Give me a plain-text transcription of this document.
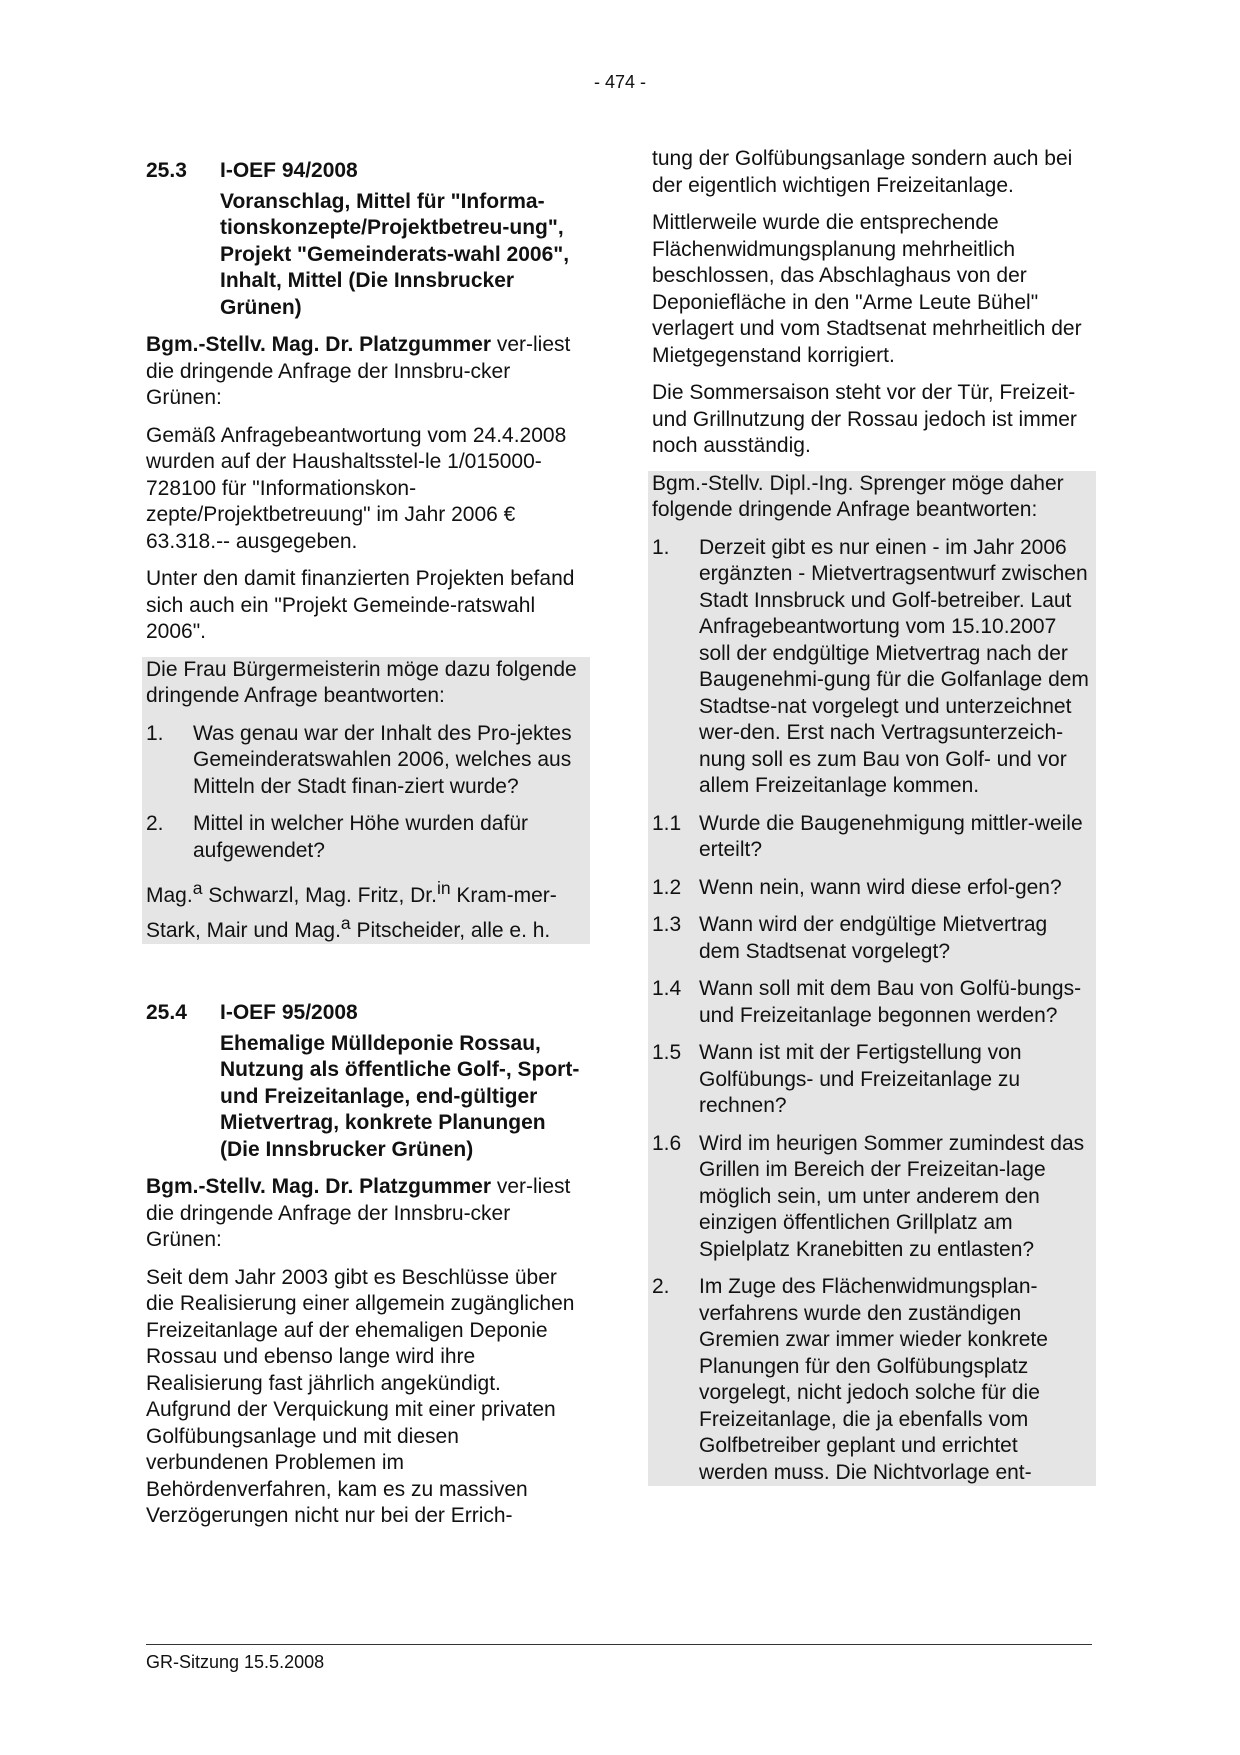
- 474 -
25.3	I-OEF 94/2008
Voranschlag, Mittel für "Informa-tionskonzepte/Projektbetreu-ung", Projekt "Gemeinderats-wahl 2006", Inhalt, Mittel (Die Innsbrucker Grünen)

Bgm.-Stellv. Mag. Dr. Platzgummer ver-liest die dringende Anfrage der Innsbru-cker Grünen:

Gemäß Anfragebeantwortung vom 24.4.2008 wurden auf der Haushaltsstel-le 1/015000-728100 für "Informationskon-zepte/Projektbetreuung" im Jahr 2006 € 63.318.-- ausgegeben.

Unter den damit finanzierten Projekten befand sich auch ein "Projekt Gemeinde-ratswahl 2006".

Die Frau Bürgermeisterin möge dazu folgende dringende Anfrage beantworten:

1.	Was genau war der Inhalt des Pro-jektes Gemeinderatswahlen 2006, welches aus Mitteln der Stadt finan-ziert wurde?
2.	Mittel in welcher Höhe wurden dafür aufgewendet?

Mag.$^a$ Schwarzl, Mag. Fritz, Dr.$^{in}$ Kram-mer-Stark, Mair und Mag.$^a$ Pitscheider, alle e. h.

25.4	I-OEF 95/2008
Ehemalige Mülldeponie Rossau, Nutzung als öffentliche Golf-, Sport- und Freizeitanlage, end-gültiger Mietvertrag, konkrete Planungen (Die Innsbrucker Grünen)

Bgm.-Stellv. Mag. Dr. Platzgummer ver-liest die dringende Anfrage der Innsbru-cker Grünen:

Seit dem Jahr 2003 gibt es Beschlüsse über die Realisierung einer allgemein zugänglichen Freizeitanlage auf der ehemaligen Deponie Rossau und ebenso lange wird ihre Realisierung fast jährlich angekündigt. Aufgrund der Verquickung mit einer privaten Golfübungsanlage und mit diesen verbundenen Problemen im Behördenverfahren, kam es zu massiven Verzögerungen nicht nur bei der Errich-

tung der Golfübungsanlage sondern auch bei der eigentlich wichtigen Freizeitanlage.

Mittlerweile wurde die entsprechende Flächenwidmungsplanung mehrheitlich beschlossen, das Abschlaghaus von der Deponiefläche in den "Arme Leute Bühel" verlagert und vom Stadtsenat mehrheitlich der Mietgegenstand korrigiert.

Die Sommersaison steht vor der Tür, Freizeit- und Grillnutzung der Rossau jedoch ist immer noch ausständig.

Bgm.-Stellv. Dipl.-Ing. Sprenger möge daher folgende dringende Anfrage beantworten:

1.	Derzeit gibt es nur einen - im Jahr 2006 ergänzten - Mietvertragsentwurf zwischen Stadt Innsbruck und Golf-betreiber. Laut Anfragebeantwortung vom 15.10.2007 soll der endgültige Mietvertrag nach der Baugenehmi-gung für die Golfanlage dem Stadtse-nat vorgelegt und unterzeichnet wer-den. Erst nach Vertragsunterzeich-nung soll es zum Bau von Golf- und vor allem Freizeitanlage kommen.
1.1 Wurde die Baugenehmigung mittler-weile erteilt?
1.2 Wenn nein, wann wird diese erfol-gen?
1.3 Wann wird der endgültige Mietvertrag dem Stadtsenat vorgelegt?
1.4 Wann soll mit dem Bau von Golfü-bungs- und Freizeitanlage begonnen werden?
1.5 Wann ist mit der Fertigstellung von Golfübungs- und Freizeitanlage zu rechnen?
1.6 Wird im heurigen Sommer zumindest das Grillen im Bereich der Freizeitan-lage möglich sein, um unter anderem den einzigen öffentlichen Grillplatz am Spielplatz Kranebitten zu entlasten?
2.	Im Zuge des Flächenwidmungsplan-verfahrens wurde den zuständigen Gremien zwar immer wieder konkrete Planungen für den Golfübungsplatz vorgelegt, nicht jedoch solche für die Freizeitanlage, die ja ebenfalls vom Golfbetreiber geplant und errichtet werden muss. Die Nichtvorlage ent-
GR-Sitzung 15.5.2008
